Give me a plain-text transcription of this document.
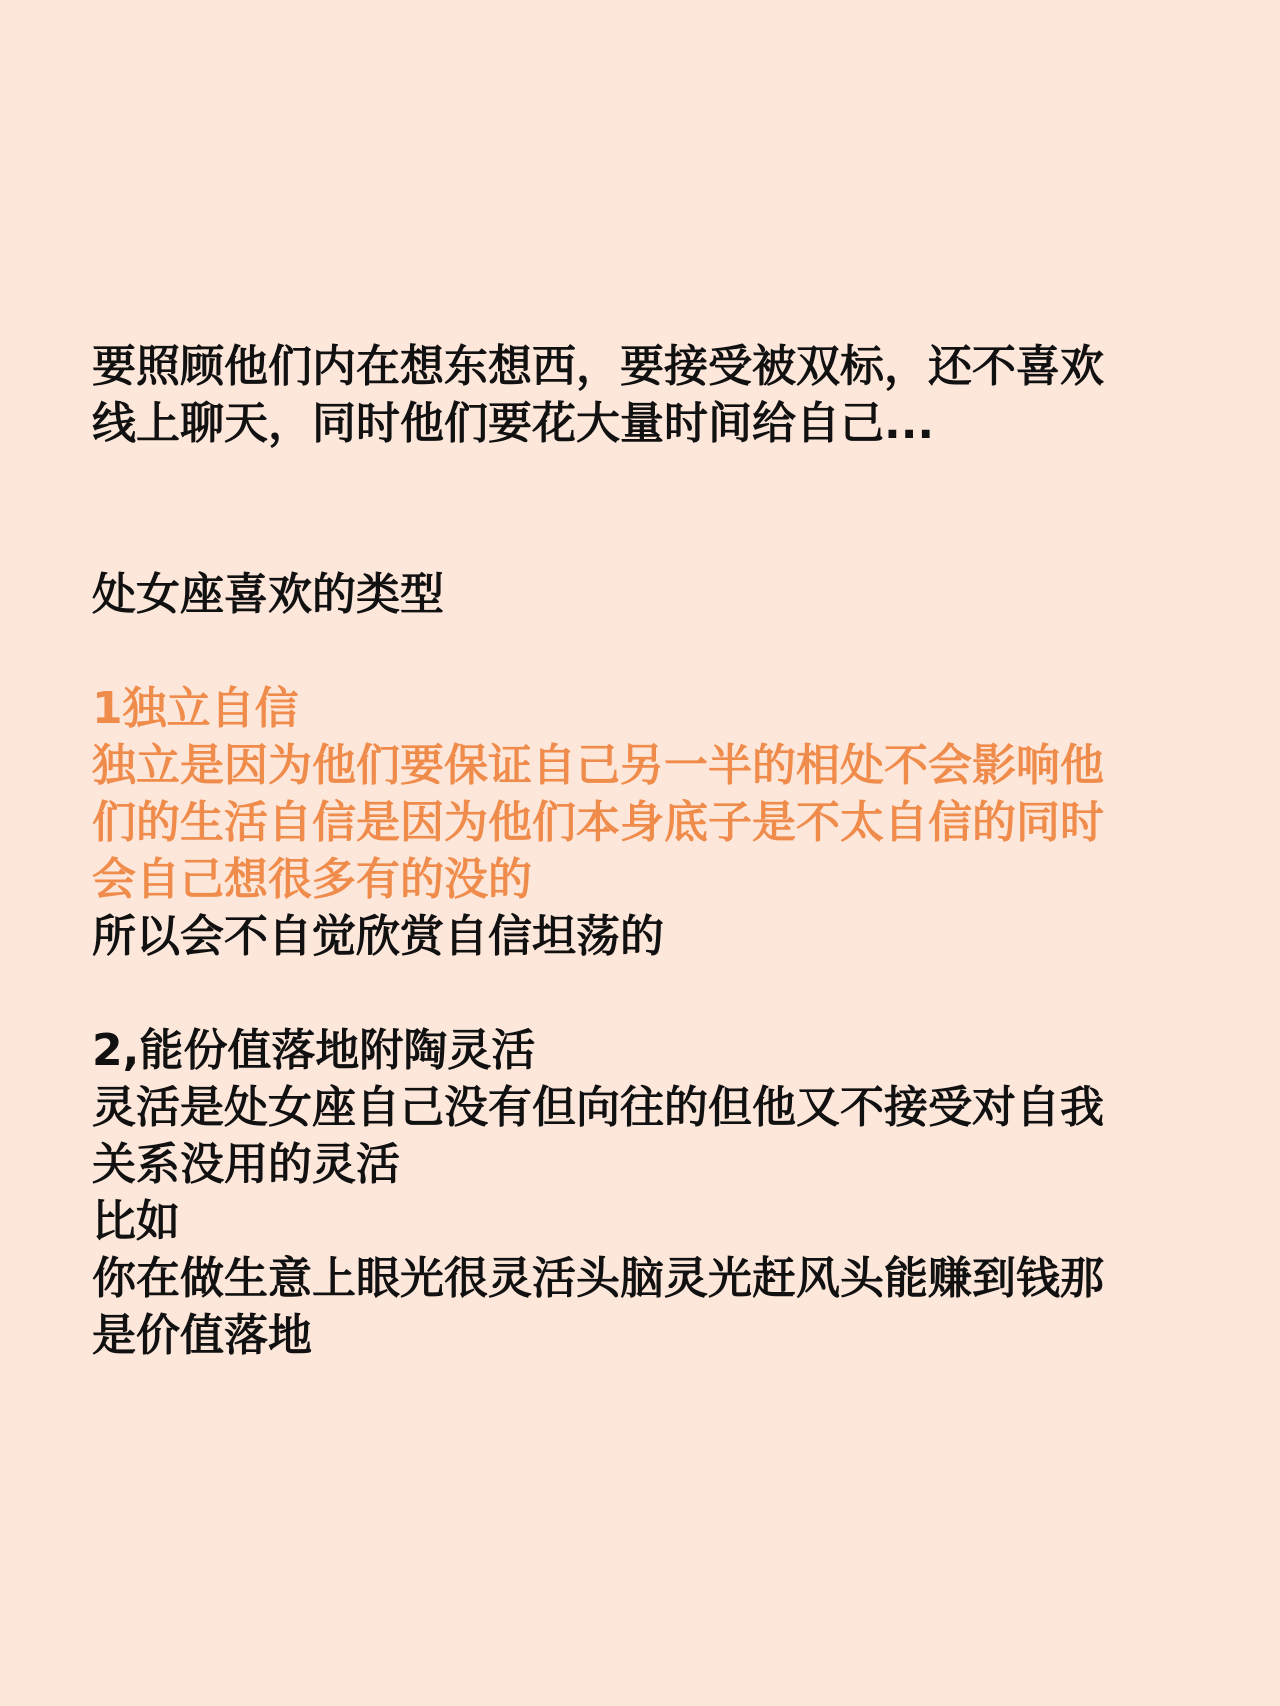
要照顾他们内在想东想西，要接受被双标，还不喜欢
线上聊天，同时他们要花大量时间给自己...
处女座喜欢的类型
1独立自信
独立是因为他们要保证自己另一半的相处不会影响他
们的生活自信是因为他们本身底子是不太自信的同时
会自己想很多有的没的
所以会不自觉欣赏自信坦荡的
2,能份值落地附陶灵活
灵活是处女座自己没有但向往的但他又不接受对自我
关系没用的灵活
比如
你在做生意上眼光很灵活头脑灵光赶风头能赚到钱那
是价值落地
